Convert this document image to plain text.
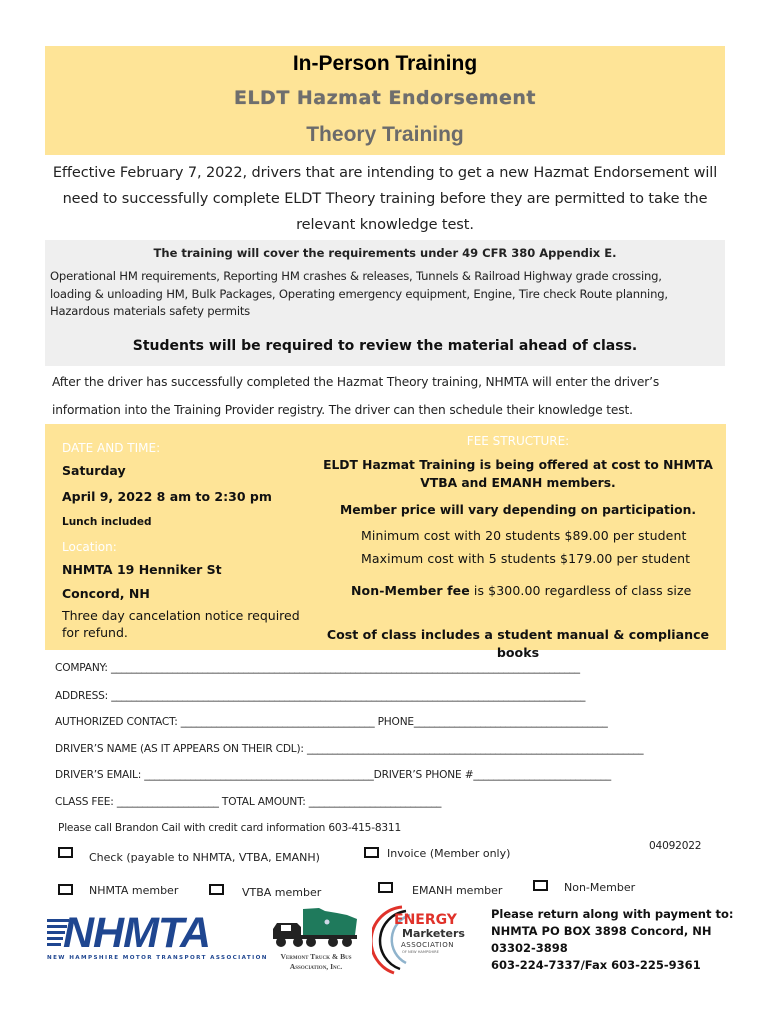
In-Person Training
ELDT Hazmat Endorsement
Theory Training
Effective February 7, 2022, drivers that are intending to get a new Hazmat Endorsement will
need to successfully complete ELDT Theory training before they are permitted to take the
relevant knowledge test.
The training will cover the requirements under 49 CFR 380 Appendix E.
Operational HM requirements, Reporting HM crashes & releases, Tunnels & Railroad Highway grade crossing,
loading & unloading HM, Bulk Packages, Operating emergency equipment, Engine, Tire check Route planning,
Hazardous materials safety permits
Students will be required to review the material ahead of class.
After the driver has successfully completed the Hazmat Theory training, NHMTA will enter the driver’s
information into the Training Provider registry. The driver can then schedule their knowledge test.
DATE AND TIME:
Saturday
April 9, 2022 8 am to 2:30 pm
Lunch included
Location:
NHMTA 19 Henniker St
Concord, NH
Three day cancelation notice required
for refund.
FEE STRUCTURE:
ELDT Hazmat Training is being offered at cost to NHMTA
VTBA and EMANH members.
Member price will vary depending on participation.
Minimum cost with 20 students $89.00 per student
Maximum cost with 5 students $179.00 per student
Non-Member fee is $300.00 regardless of class size
Cost of class includes a student manual & compliance books
COMPANY: ____________________________________________________________________________________________
ADDRESS: _____________________________________________________________________________________________
AUTHORIZED CONTACT: ______________________________________ PHONE______________________________________
DRIVER’S NAME (AS IT APPEARS ON THEIR CDL): __________________________________________________________________
DRIVER’S EMAIL: _____________________________________________DRIVER’S PHONE #___________________________
CLASS FEE: ____________________ TOTAL AMOUNT: __________________________
Please call Brandon Cail with credit card information 603-415-8311
04092022
Check (payable to NHMTA, VTBA, EMANH)	Invoice (Member only)
NHMTA member	VTBA member	EMANH member	Non-Member
NHMTA
NEW HAMPSHIRE MOTOR TRANSPORT ASSOCIATION	Vermont Truck & Bus
Association, Inc.
ENERGY
Marketers
ASSOCIATION
OF NEW HAMPSHIRE
Please return along with payment to:
NHMTA PO BOX 3898 Concord, NH
03302-3898
603-224-7337/Fax 603-225-9361
